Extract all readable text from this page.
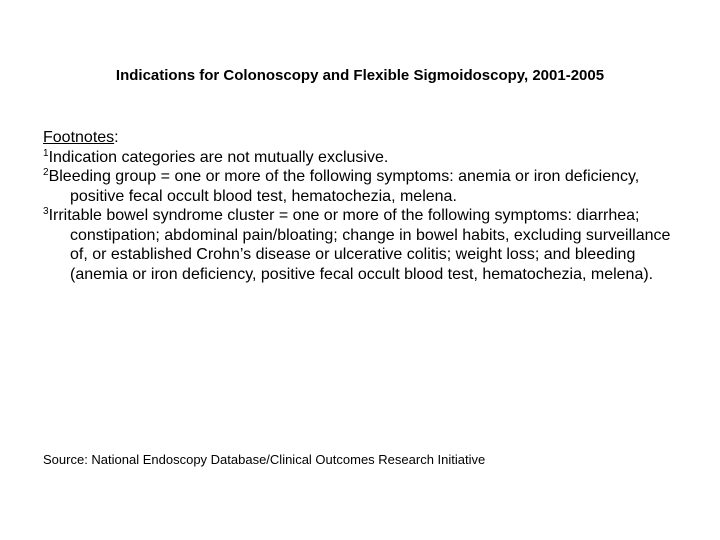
Indications for Colonoscopy and Flexible Sigmoidoscopy, 2001-2005
Footnotes:

$^1$Indication categories are not mutually exclusive.

$^2$Bleeding group = one or more of the following symptoms: anemia or iron deficiency, positive fecal occult blood test, hematochezia, melena.

$^3$Irritable bowel syndrome cluster = one or more of the following symptoms: diarrhea; constipation; abdominal pain/bloating; change in bowel habits, excluding surveillance of, or established Crohn’s disease or ulcerative colitis; weight loss; and bleeding (anemia or iron deficiency, positive fecal occult blood test, hematochezia, melena).

Source: National Endoscopy Database/Clinical Outcomes Research Initiative
